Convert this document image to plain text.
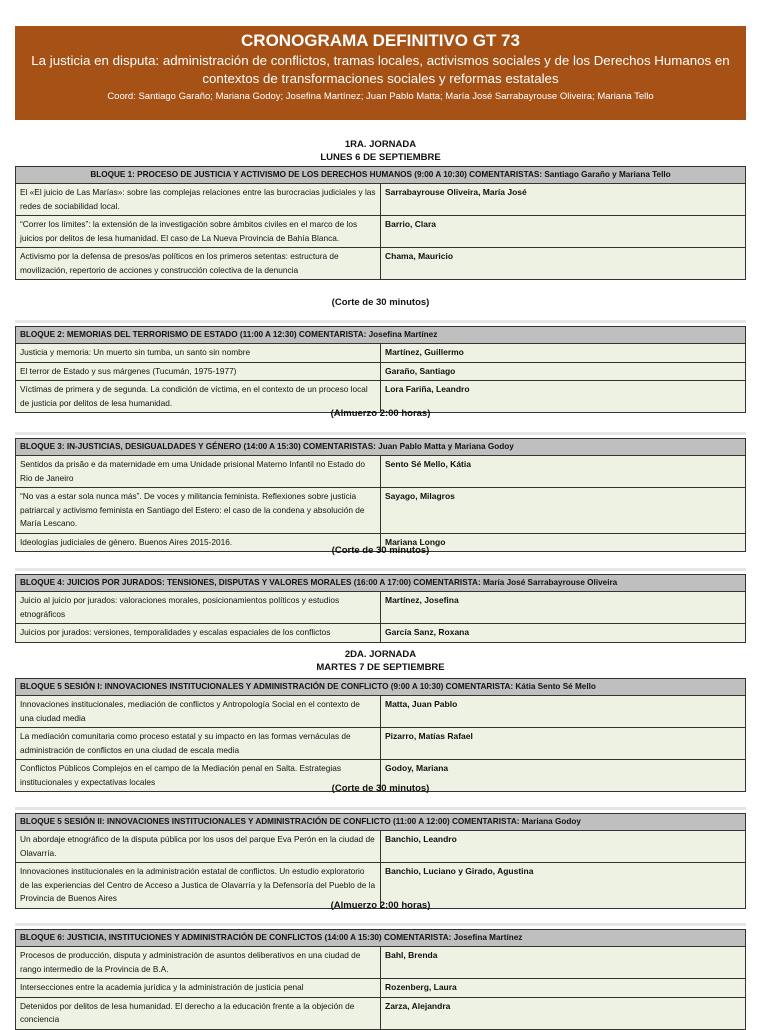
CRONOGRAMA DEFINITIVO GT 73
La justicia en disputa: administración de conflictos, tramas locales, activismos sociales y de los Derechos Humanos en contextos de transformaciones sociales y reformas estatales
Coord: Santiago Garaño; Mariana Godoy; Josefina Martínez; Juan Pablo Matta; María José Sarrabayrouse Oliveira; Mariana Tello
1RA. JORNADA
LUNES 6 DE SEPTIEMBRE
BLOQUE 1: PROCESO DE JUSTICIA Y ACTIVISMO DE LOS DERECHOS HUMANOS (9:00 A 10:30) COMENTARISTAS: Santiago Garaño y Mariana Tello	
El «El juicio de Las Marías»: sobre las complejas relaciones entre las burocracias judiciales y las redes de sociabilidad local.	Sarrabayrouse Oliveira, María José
“Correr los límites”: la extensión de la investigación sobre ámbitos civiles en el marco de los juicios por delitos de lesa humanidad. El caso de La Nueva Provincia de Bahía Blanca.	Barrio, Clara
Activismo por la defensa de presos/as políticos en los primeros setentas: estructura de movilización, repertorio de acciones y construcción colectiva de la denuncia	Chama, Mauricio
(Corte de 30 minutos)
BLOQUE 2: MEMORIAS DEL TERRORISMO DE ESTADO (11:00 A 12:30) COMENTARISTA: Josefina Martínez	
Justicia y memoria: Un muerto sin tumba, un santo sin nombre	Martínez, Guillermo
El terror de Estado y sus márgenes (Tucumán, 1975-1977)	Garaño, Santiago
Víctimas de primera y de segunda. La condición de víctima, en el contexto de un proceso local de justicia por delitos de lesa humanidad.	Lora Fariña, Leandro
(Almuerzo 2:00 horas)
BLOQUE 3: IN-JUSTICIAS, DESIGUALDADES Y GÉNERO (14:00 A 15:30) COMENTARISTAS: Juan Pablo Matta y Mariana Godoy	
Sentidos da prisão e da maternidade em uma Unidade prisional Materno Infantil no Estado do Rio de Janeiro	Sento Sé Mello, Kátia
“No vas a estar sola nunca más”. De voces y militancia feminista. Reflexiones sobre justicia patriarcal y activismo feminista en Santiago del Estero: el caso de la condena y absolución de María Lescano.	Sayago, Milagros
Ideologías judiciales de género. Buenos Aires 2015-2016.	Mariana Longo
(Corte de 30 minutos)
BLOQUE 4: JUICIOS POR JURADOS: TENSIONES, DISPUTAS Y VALORES MORALES (16:00 A 17:00) COMENTARISTA: María José Sarrabayrouse Oliveira	
Juicio al juicio por jurados: valoraciones morales, posicionamientos políticos y estudios etnográficos	Martínez, Josefina
Juicios por jurados: versiones, temporalidades y escalas espaciales de los conflictos	García Sanz, Roxana
2DA. JORNADA
MARTES 7 DE SEPTIEMBRE
BLOQUE 5 SESIÓN I: INNOVACIONES INSTITUCIONALES Y ADMINISTRACIÓN DE CONFLICTO (9:00 A 10:30) COMENTARISTA: Kátia Sento Sé Mello	
Innovaciones institucionales, mediación de conflictos y Antropología Social en el contexto de una ciudad media	Matta, Juan Pablo
La mediación comunitaria como proceso estatal y su impacto en las formas vernáculas de administración de conflictos en una ciudad de escala media	Pizarro, Matías Rafael
Conflictos Públicos Complejos en el campo de la Mediación penal en Salta. Estrategias institucionales y expectativas locales	Godoy, Mariana
(Corte de 30 minutos)
BLOQUE 5 SESIÓN II: INNOVACIONES INSTITUCIONALES Y ADMINISTRACIÓN DE CONFLICTO (11:00 A 12:00) COMENTARISTA: Mariana Godoy	
Un abordaje etnográfico de la disputa pública por los usos del parque Eva Perón en la ciudad de Olavarría.	Banchio, Leandro
Innovaciones institucionales en la administración estatal de conflictos. Un estudio exploratorio de las experiencias del Centro de Acceso a Justica de Olavarría y la Defensoría del Pueblo de la Provincia de Buenos Aires	Banchio, Luciano y Girado, Agustina
(Almuerzo 2:00 horas)
BLOQUE 6: JUSTICIA, INSTITUCIONES Y ADMINISTRACIÓN DE CONFLICTOS (14:00 A 15:30) COMENTARISTA: Josefina Martínez	
Procesos de producción, disputa y administración de asuntos deliberativos en una ciudad de rango intermedio de la Provincia de B.A.	Bahl, Brenda
Intersecciones entre la academia jurídica y la administración de justicia penal	Rozenberg, Laura
Detenidos por delitos de lesa humanidad. El derecho a la educación frente a la objeción de conciencia	Zarza, Alejandra
